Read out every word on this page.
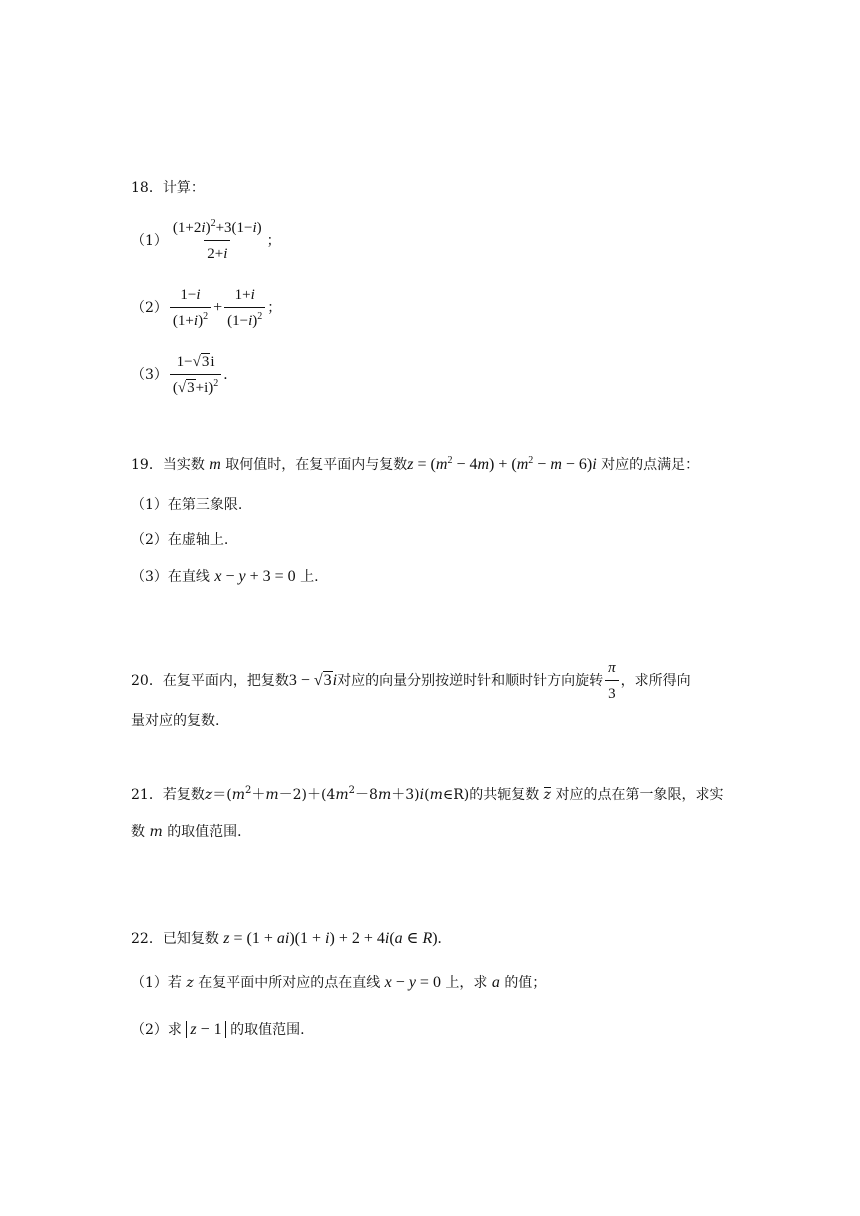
18．计算：
$(1) \frac{(1+2i)^2+3(1-i)}{2+i}$ ；
$(2) \frac{1-i}{(1+i)^2} + \frac{1+i}{(1-i)^2}$ ；
$(3) \frac{1-√3i}{(√3+i)^2}$ ．
19．当实数 m 取何值时，在复平面内与复数$z = (m^2 - 4m) + (m^2 - m - 6)i$ 对应的点满足：
（1）在第三象限.
（2）在虚轴上.
（3）在直线 x − y + 3 = 0 上.
20．在复平面内，把复数3 − √3i对应的向量分别按逆时针和顺时针方向旋转 $\frac{\pi}{3}$ ，求所得向
量对应的复数.
21．若复数$z=(m^2+m-2)+(4m^2-8m+3)i(m\in R)$的共轭复数 z 对应的点在第一象限，求实
数 m 的取值范围．
22．已知复数 z = (1 + ai)(1 + i) + 2 + 4i(a ∈ R).
（1）若 z 在复平面中所对应的点在直线 x − y = 0 上，求 a 的值；
（2）求 z − 1 的取值范围.
